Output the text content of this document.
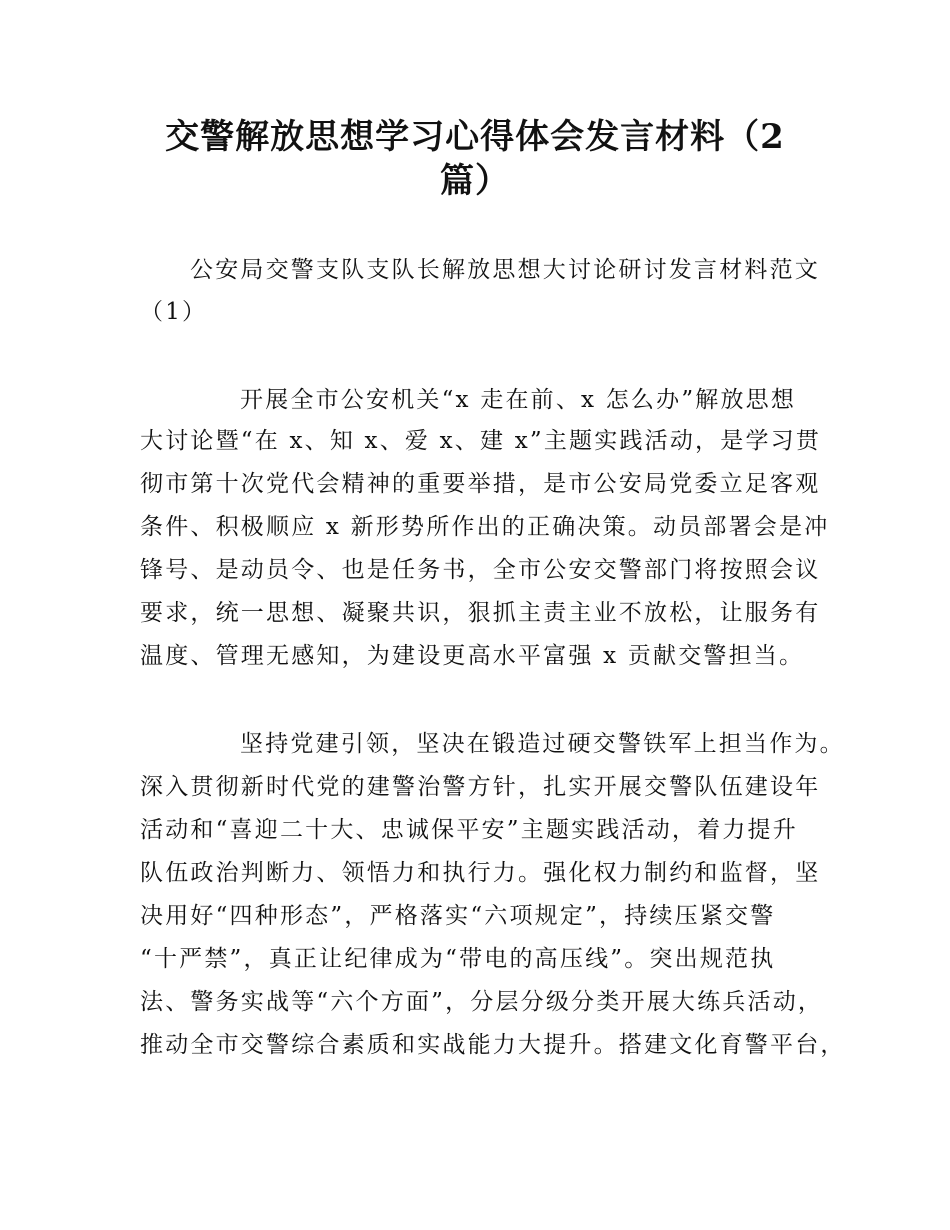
交警解放思想学习心得体会发言材料（2
篇）

公安局交警支队支队长解放思想大讨论研讨发言材料范文

（1）

开展全市公安机关“x 走在前、x 怎么办”解放思想

大讨论暨“在 x、知 x、爱 x、建 x”主题实践活动，是学习贯

彻市第十次党代会精神的重要举措，是市公安局党委立足客观

条件、积极顺应 x 新形势所作出的正确决策。动员部署会是冲

锋号、是动员令、也是任务书，全市公安交警部门将按照会议

要求，统一思想、凝聚共识，狠抓主责主业不放松，让服务有

温度、管理无感知，为建设更高水平富强 x 贡献交警担当。

坚持党建引领，坚决在锻造过硬交警铁军上担当作为。

深入贯彻新时代党的建警治警方针，扎实开展交警队伍建设年

活动和“喜迎二十大、忠诚保平安”主题实践活动，着力提升

队伍政治判断力、领悟力和执行力。强化权力制约和监督，坚

决用好“四种形态”，严格落实“六项规定”，持续压紧交警

“十严禁”，真正让纪律成为“带电的高压线”。突出规范执

法、警务实战等“六个方面”，分层分级分类开展大练兵活动，

推动全市交警综合素质和实战能力大提升。搭建文化育警平台，
